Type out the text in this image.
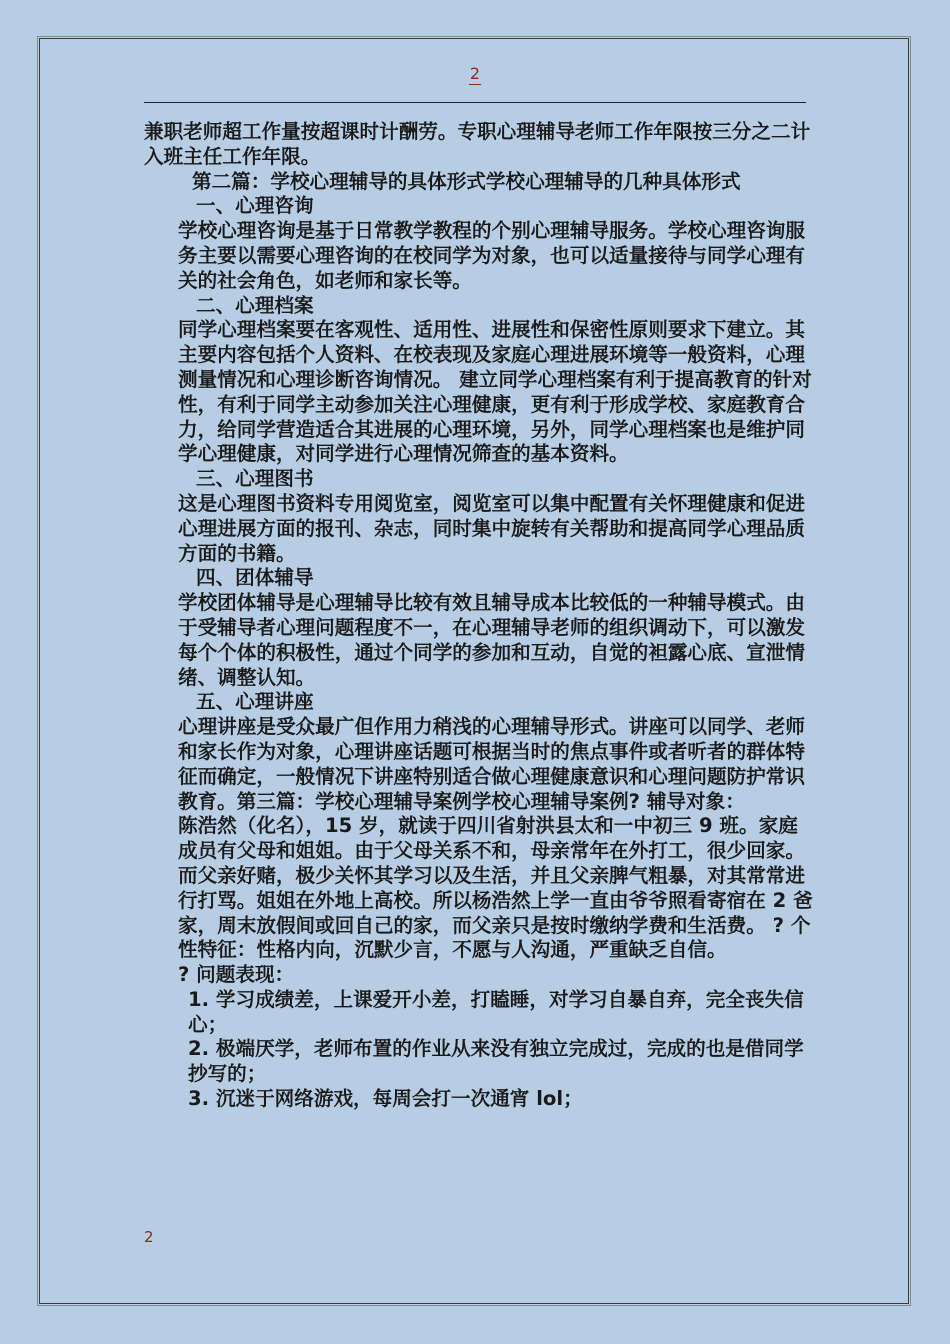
2

兼职老师超工作量按超课时计酬劳。专职心理辅导老师工作年限按三分之二计入班主任工作年限。

第二篇：学校心理辅导的具体形式学校心理辅导的几种具体形式

一、心理咨询

学校心理咨询是基于日常教学教程的个别心理辅导服务。学校心理咨询服务主要以需要心理咨询的在校同学为对象，也可以适量接待与同学心理有关的社会角色，如老师和家长等。

二、心理档案

同学心理档案要在客观性、适用性、进展性和保密性原则要求下建立。其主要内容包括个人资料、在校表现及家庭心理进展环境等一般资料，心理测量情况和心理诊断咨询情况。 建立同学心理档案有利于提高教育的针对性，有利于同学主动参加关注心理健康，更有利于形成学校、家庭教育合力，给同学营造适合其进展的心理环境，另外，同学心理档案也是维护同学心理健康，对同学进行心理情况筛查的基本资料。

三、心理图书

这是心理图书资料专用阅览室，阅览室可以集中配置有关怀理健康和促进心理进展方面的报刊、杂志，同时集中旋转有关帮助和提高同学心理品质方面的书籍。

四、团体辅导

学校团体辅导是心理辅导比较有效且辅导成本比较低的一种辅导模式。由于受辅导者心理问题程度不一，在心理辅导老师的组织调动下，可以激发每个个体的积极性，通过个同学的参加和互动，自觉的袒露心底、宣泄情绪、调整认知。

五、心理讲座

心理讲座是受众最广但作用力稍浅的心理辅导形式。讲座可以同学、老师和家长作为对象，心理讲座话题可根据当时的焦点事件或者听者的群体特征而确定，一般情况下讲座特别适合做心理健康意识和心理问题防护常识教育。第三篇：学校心理辅导案例学校心理辅导案例? 辅导对象：

陈浩然（化名），15 岁，就读于四川省射洪县太和一中初三 9 班。家庭成员有父母和姐姐。由于父母关系不和，母亲常年在外打工，很少回家。而父亲好赌，极少关怀其学习以及生活，并且父亲脾气粗暴，对其常常进行打骂。姐姐在外地上高校。所以杨浩然上学一直由爷爷照看寄宿在 2 爸家，周末放假间或回自己的家，而父亲只是按时缴纳学费和生活费。 ? 个性特征：性格内向，沉默少言，不愿与人沟通，严重缺乏自信。

? 问题表现：

1. 学习成绩差，上课爱开小差，打瞌睡，对学习自暴自弃，完全丧失信心；

2. 极端厌学，老师布置的作业从来没有独立完成过，完成的也是借同学抄写的；

3. 沉迷于网络游戏，每周会打一次通宵 lol；

2
